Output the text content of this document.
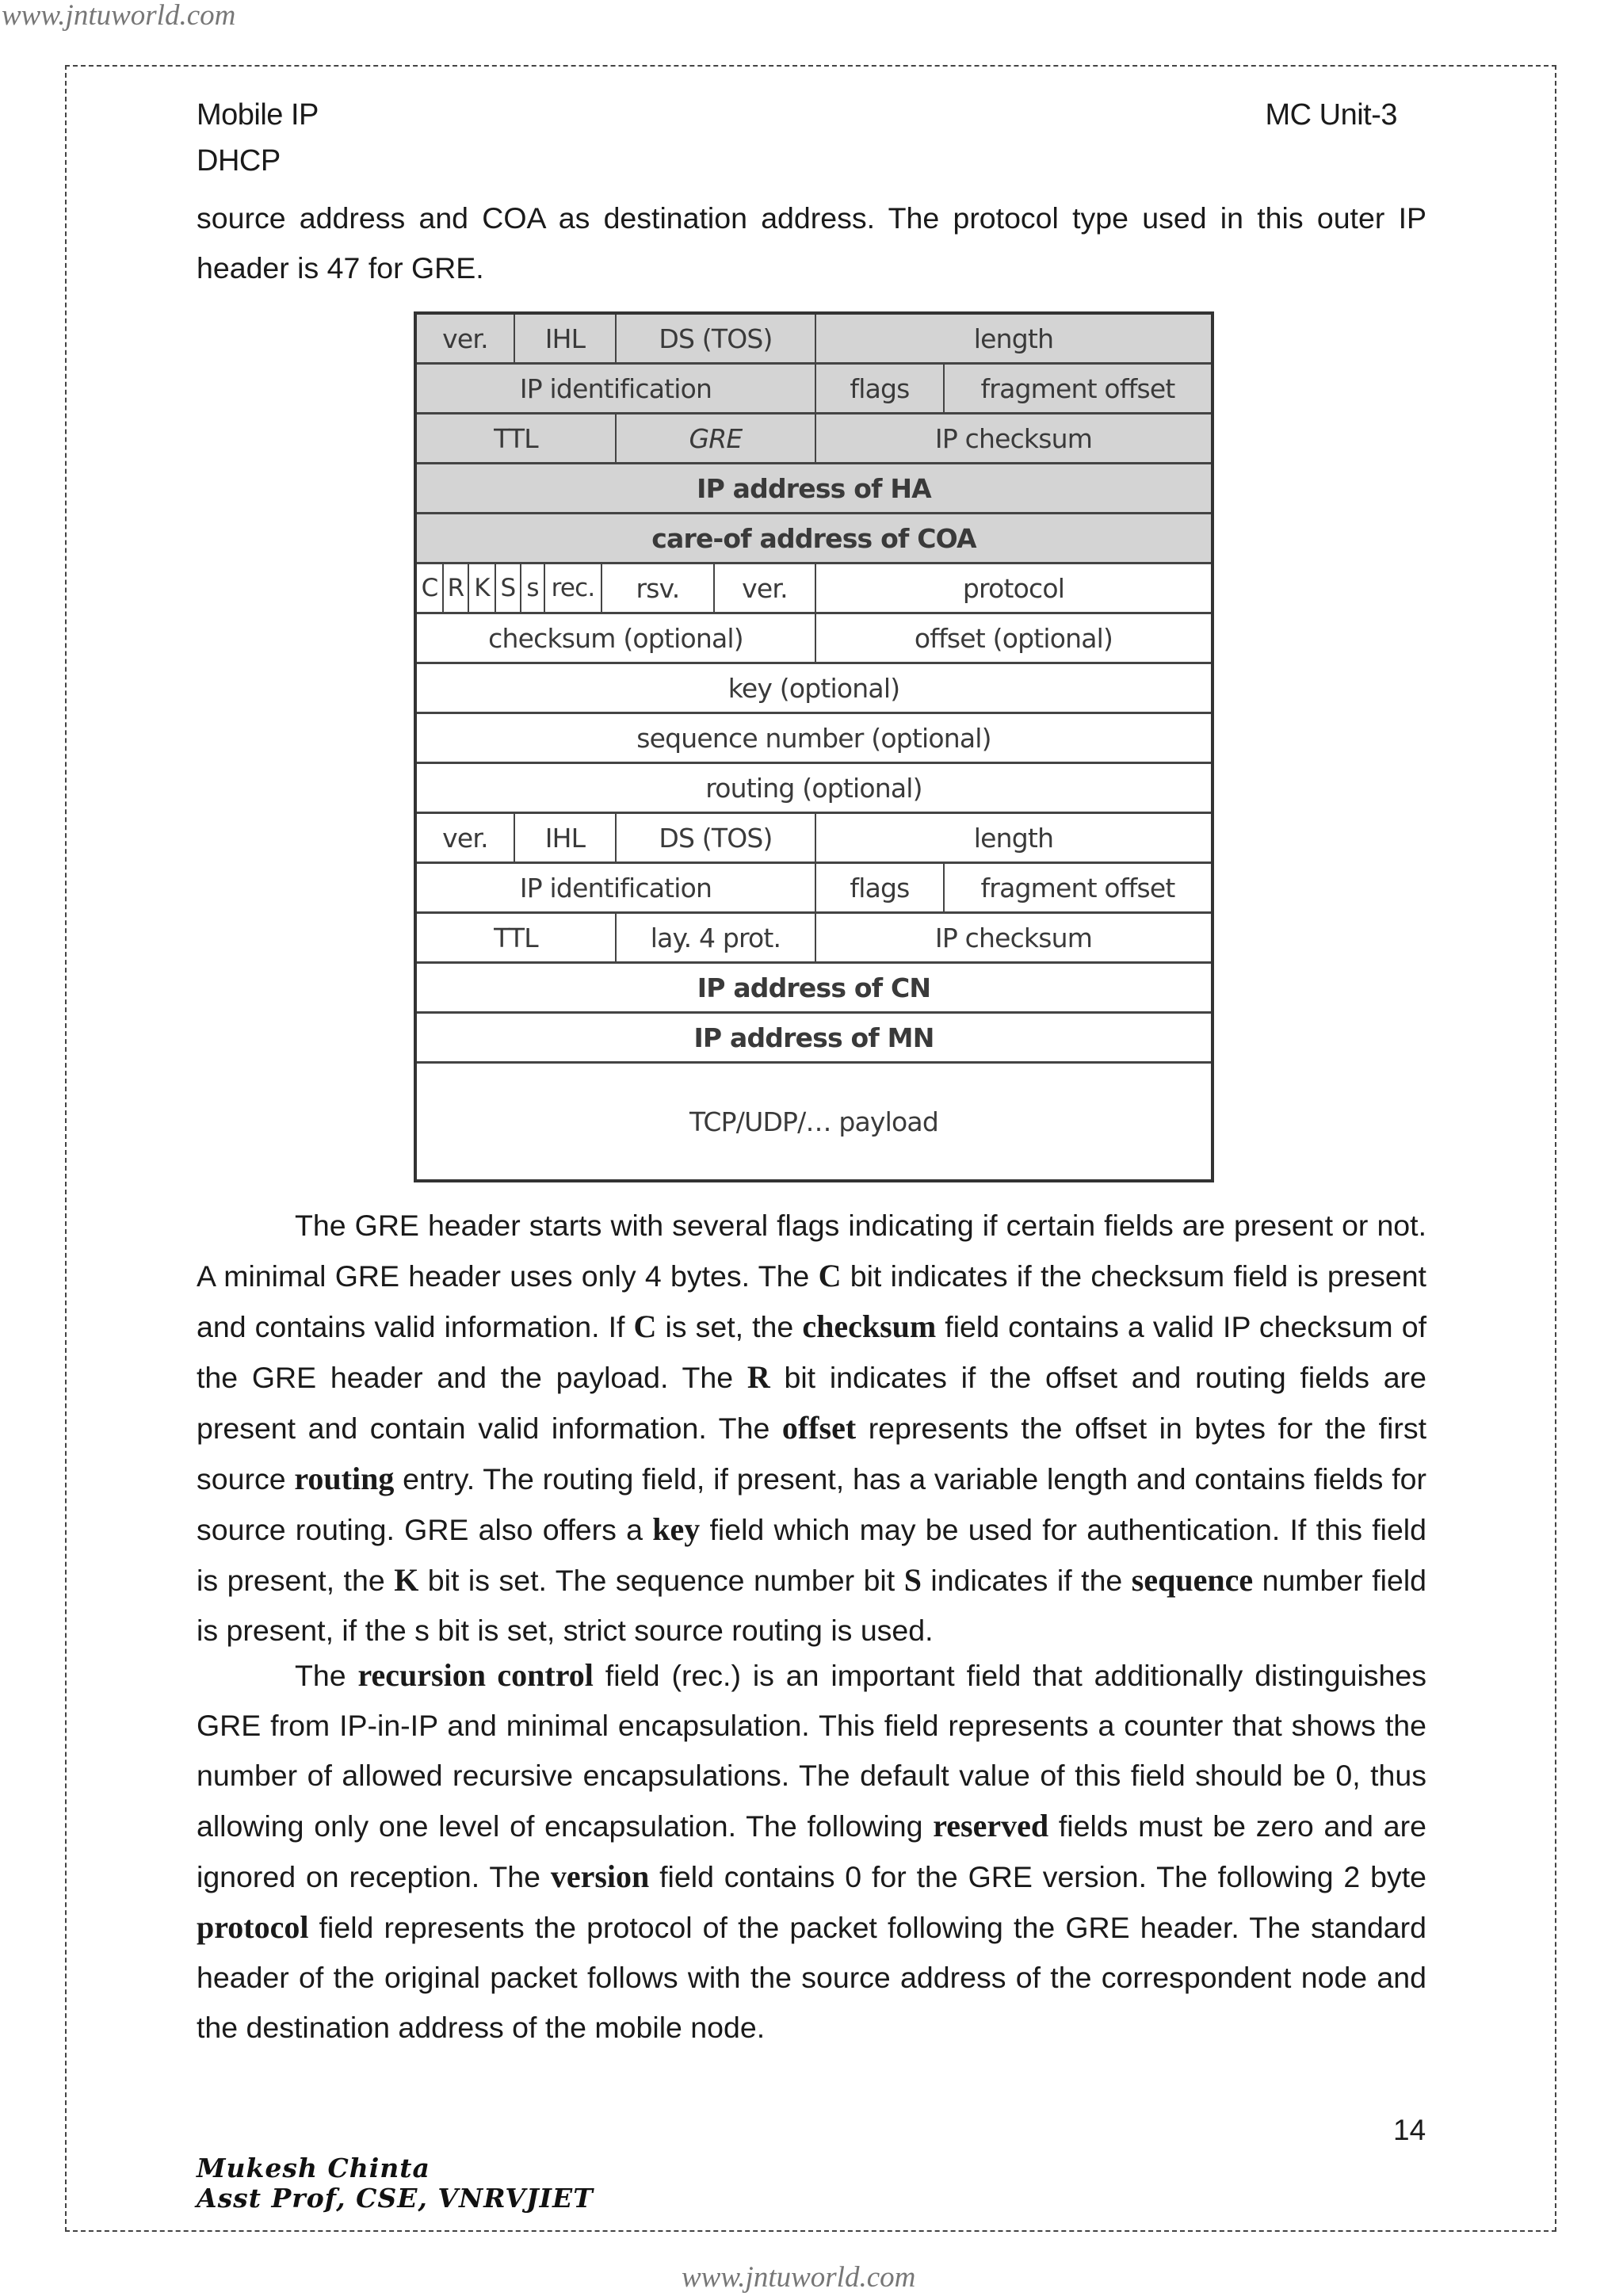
www.jntuworld.com
Mobile IP	MC Unit-3
DHCP

source address and COA as destination address. The protocol type used in this outer IP header is 47 for GRE.

ver.	IHL	DS (TOS)	length
IP identification	flags	fragment offset
TTL	GRE	IP checksum
IP address of HA
care-of address of COA
C R K S s rec.	rsv.	ver.	protocol
checksum (optional)	offset (optional)
key (optional)
sequence number (optional)
routing (optional)
ver.	IHL	DS (TOS)	length
IP identification	flags	fragment offset
TTL	lay. 4 prot.	IP checksum
IP address of CN
IP address of MN
TCP/UDP/… payload

The GRE header starts with several flags indicating if certain fields are present or not. A minimal GRE header uses only 4 bytes. The C bit indicates if the checksum field is present and contains valid information. If C is set, the checksum field contains a valid IP checksum of the GRE header and the payload. The R bit indicates if the offset and routing fields are present and contain valid information. The offset represents the offset in bytes for the first source routing entry. The routing field, if present, has a variable length and contains fields for source routing. GRE also offers a key field which may be used for authentication. If this field is present, the K bit is set. The sequence number bit S indicates if the sequence number field is present, if the s bit is set, strict source routing is used.

The recursion control field (rec.) is an important field that additionally distinguishes GRE from IP-in-IP and minimal encapsulation. This field represents a counter that shows the number of allowed recursive encapsulations. The default value of this field should be 0, thus allowing only one level of encapsulation. The following reserved fields must be zero and are ignored on reception. The version field contains 0 for the GRE version. The following 2 byte protocol field represents the protocol of the packet following the GRE header. The standard header of the original packet follows with the source address of the correspondent node and the destination address of the mobile node.

14
Mukesh Chinta
Asst Prof, CSE, VNRVJIET
www.jntuworld.com
